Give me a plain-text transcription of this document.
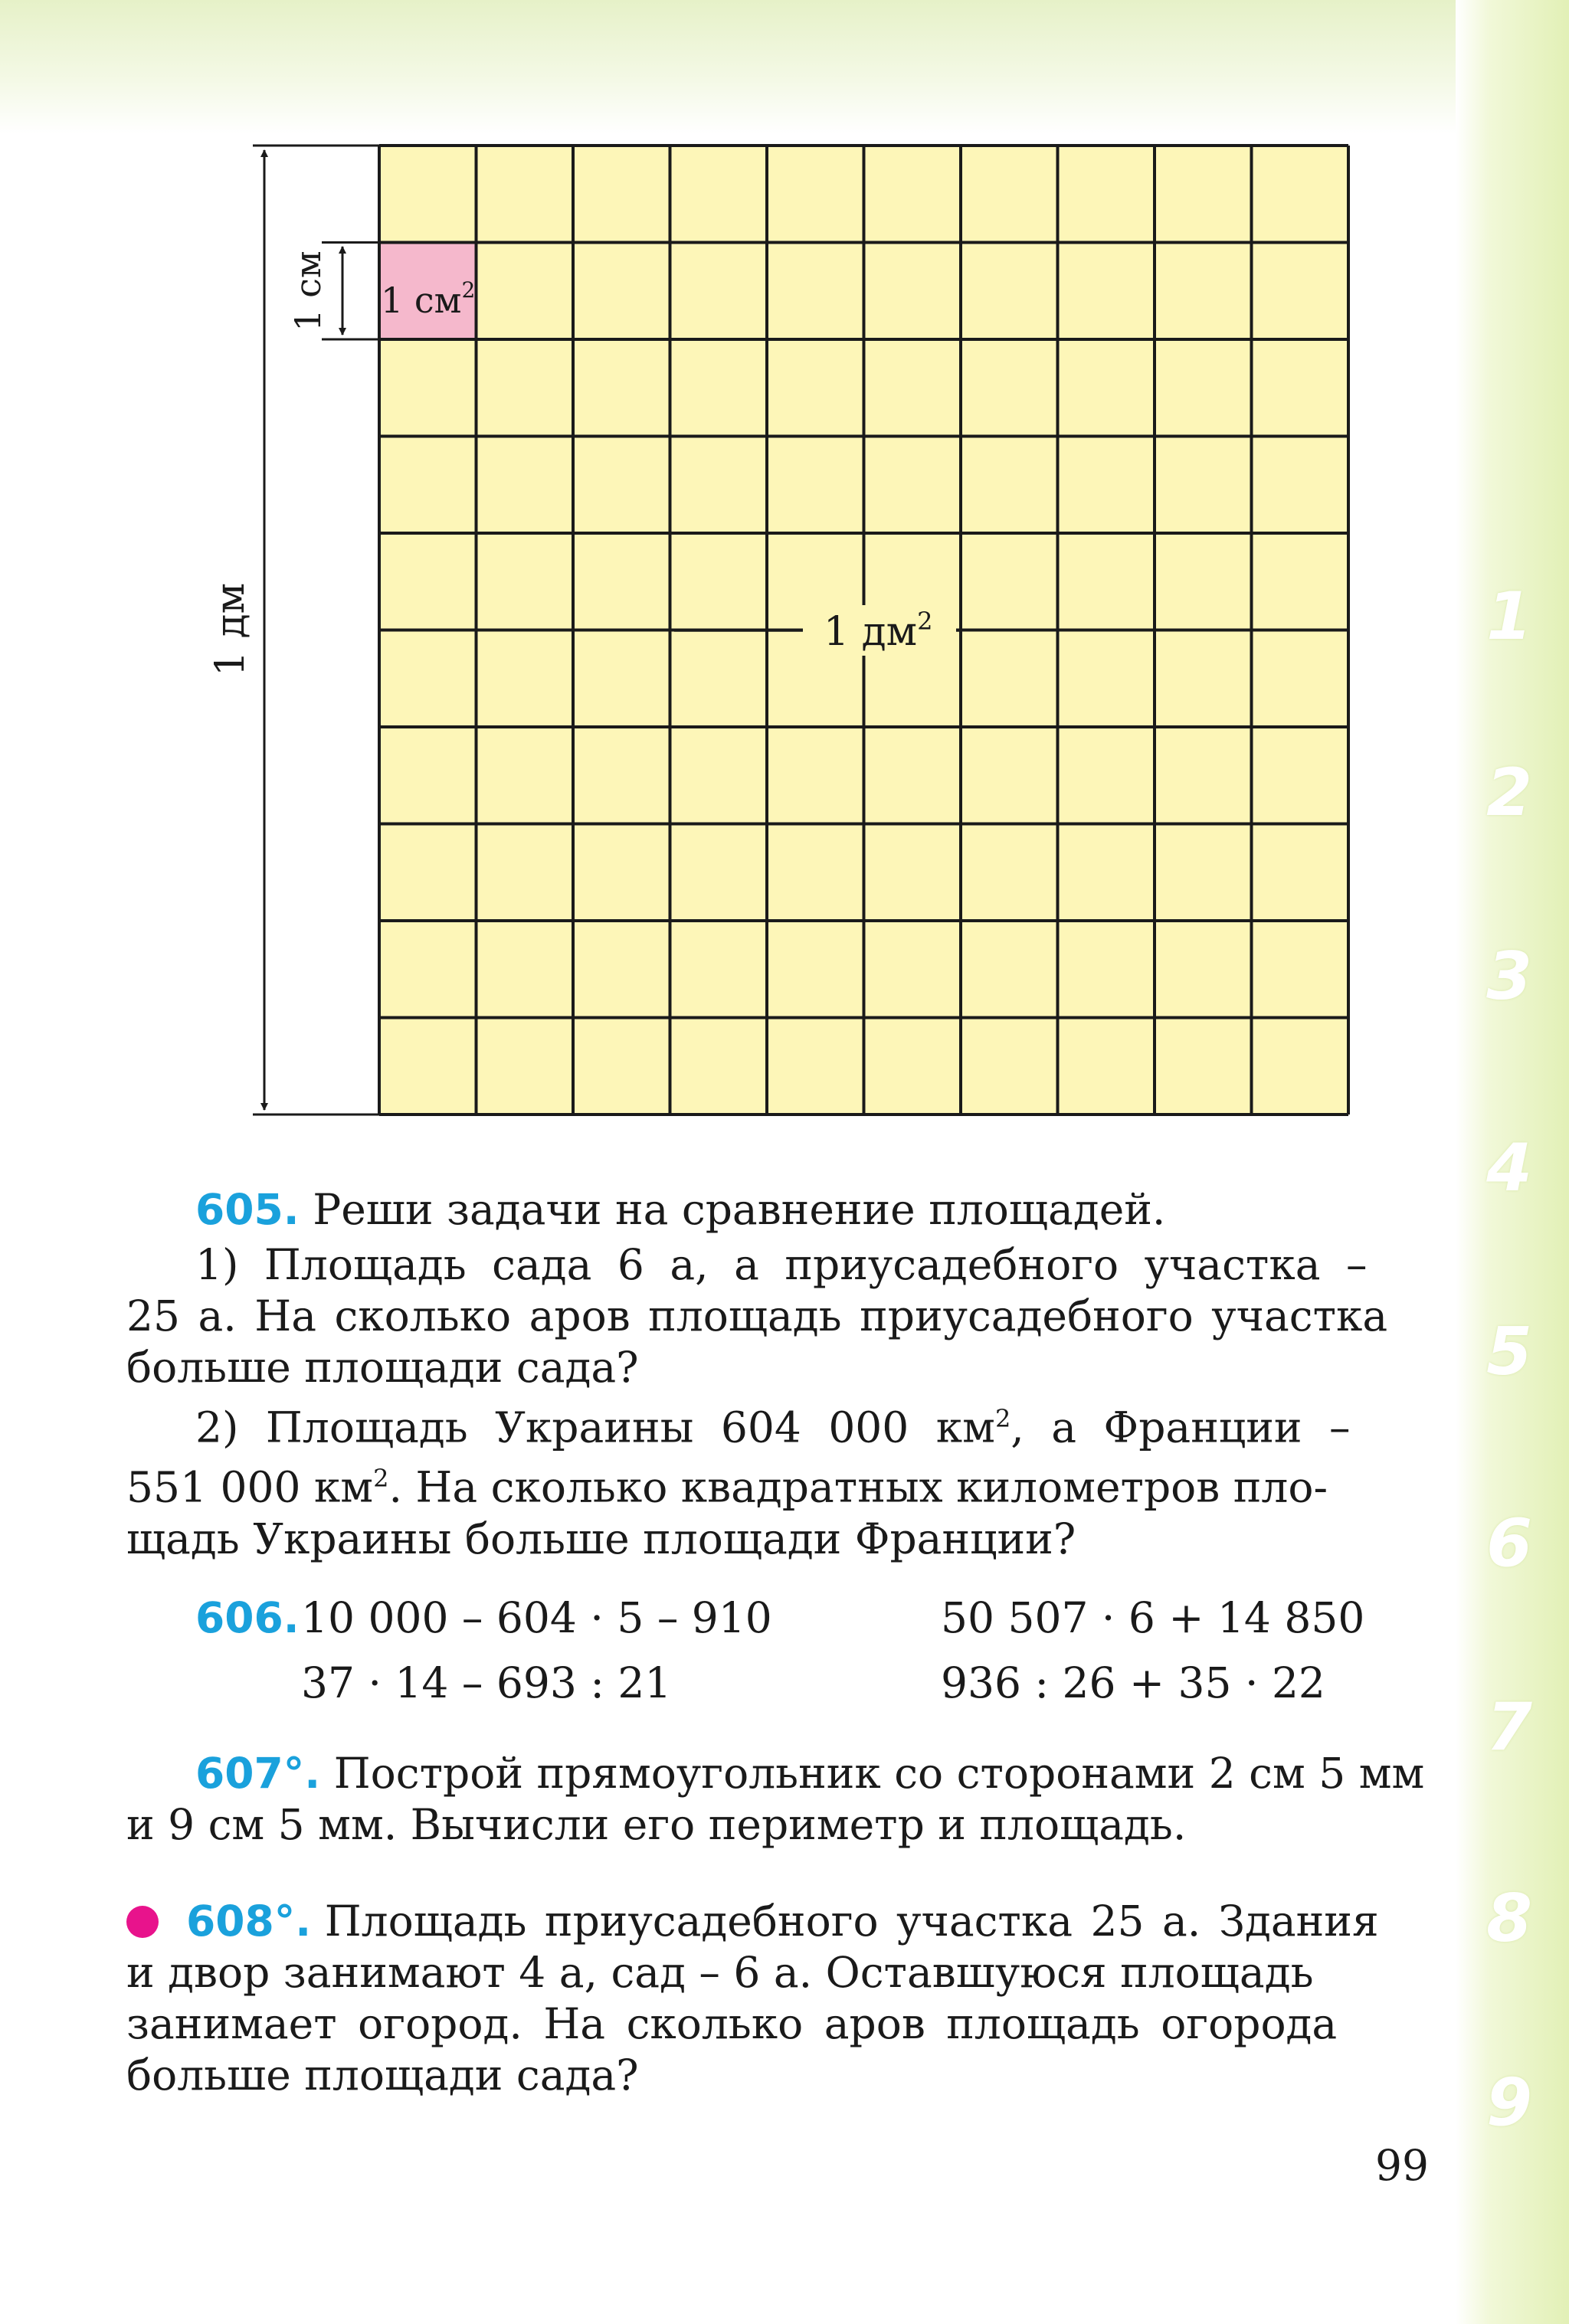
1
2
3
4
5
6
7
8
9
1 $дм^2$
1 $см^2$
1 дм
1 см
605. Реши задачи на сравнение площадей.
1) Площадь сада 6 а, а приусадебного участка –
25 а. На сколько аров площадь приусадебного участка
больше площади сада?
2) Площадь Украины 604 000 $км^2$, а Франции –
551 000 $км^2$. На сколько квадратных километров пло-
щадь Украины больше площади Франции?
606. 10 000 – 604 · 5 – 910	50 507 · 6 + 14 850
37 · 14 – 693 : 21	936 : 26 + 35 · 22
607°. Построй прямоугольник со сторонами 2 см 5 мм
и 9 см 5 мм. Вычисли его периметр и площадь.
608°. Площадь приусадебного участка 25 а. Здания
и двор занимают 4 а, сад – 6 а. Оставшуюся площадь
занимает огород. На сколько аров площадь огорода
больше площади сада?
99
